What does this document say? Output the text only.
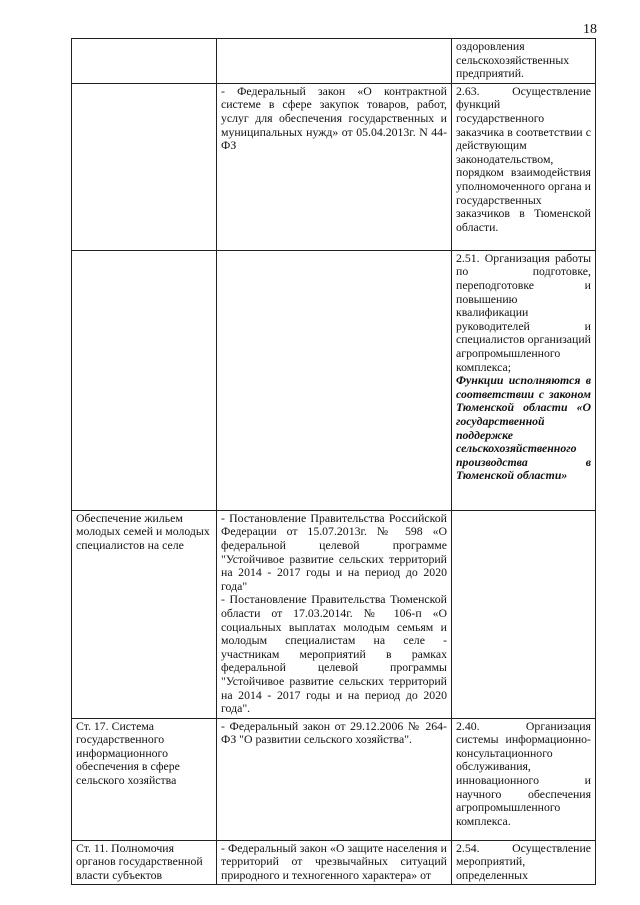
18

		оздоровления сельскохозяйственных предприятий.

	- Федеральный закон «О контрактной системе в сфере закупок товаров, работ, услуг для обеспечения государственных и муниципальных нужд» от 05.04.2013г. N 44-ФЗ	2.63. Осуществление функций государственного заказчика в соответствии с действующим законодательством, порядком взаимодействия уполномоченного органа и государственных заказчиков в Тюменской области.

		2.51. Организация работы по подготовке, переподготовке и повышению квалификации руководителей и специалистов организаций агропромышленного комплекса;
Функции исполняются в соответствии с законом Тюменской области «О государственной поддержке сельскохозяйственного производства в Тюменской области»

Обеспечение жильем молодых семей и молодых специалистов на селе	- Постановление Правительства Российской Федерации от 15.07.2013г. № 598 «О федеральной целевой программе "Устойчивое развитие сельских территорий на 2014 - 2017 годы и на период до 2020 года"
- Постановление Правительства Тюменской области от 17.03.2014г. № 106-п «О социальных выплатах молодым семьям и молодым специалистам на селе - участникам мероприятий в рамках федеральной целевой программы "Устойчивое развитие сельских территорий на 2014 - 2017 годы и на период до 2020 года".	

Ст. 17. Система государственного информационного обеспечения в сфере сельского хозяйства	- Федеральный закон от 29.12.2006 № 264-ФЗ "О развитии сельского хозяйства".	2.40. Организация системы информационно-консультационного обслуживания, инновационного и научного обеспечения агропромышленного комплекса.

Ст. 11. Полномочия органов государственной власти субъектов	- Федеральный закон «О защите населения и территорий от чрезвычайных ситуаций природного и техногенного характера» от	2.54. Осуществление мероприятий, определенных
